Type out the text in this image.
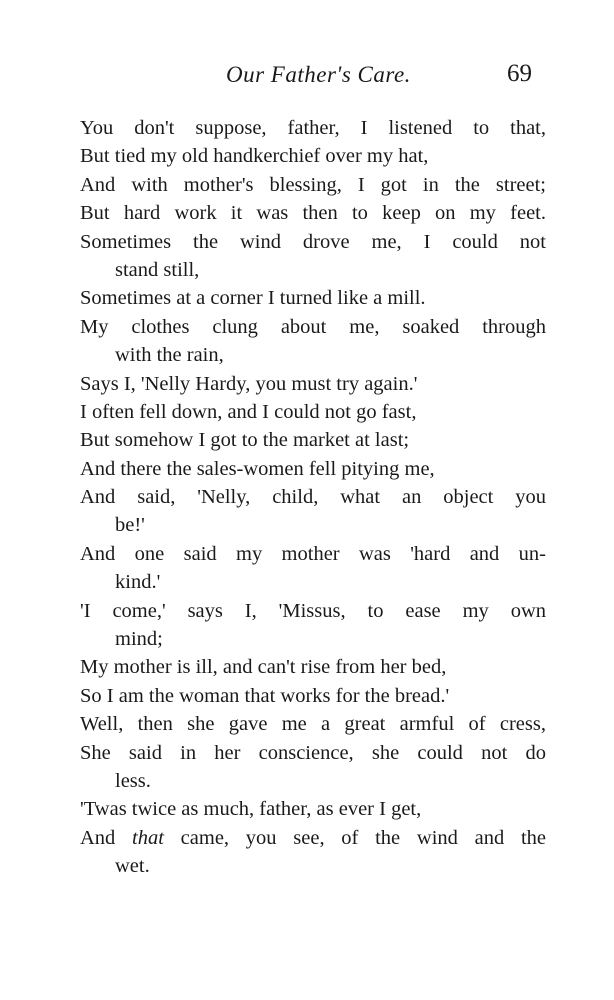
Our Father's Care.	69
You don't suppose, father, I listened to that,
But tied my old handkerchief over my hat,
And with mother's blessing, I got in the street;
But hard work it was then to keep on my feet.
Sometimes the wind drove me, I could not
stand still,
Sometimes at a corner I turned like a mill.
My clothes clung about me, soaked through
with the rain,
Says I, 'Nelly Hardy, you must try again.'
I often fell down, and I could not go fast,
But somehow I got to the market at last;
And there the sales-women fell pitying me,
And said, 'Nelly, child, what an object you
be!'
And one said my mother was 'hard and un-
kind.'
'I come,' says I, 'Missus, to ease my own
mind;
My mother is ill, and can't rise from her bed,
So I am the woman that works for the bread.'
Well, then she gave me a great armful of cress,
She said in her conscience, she could not do
less.
'Twas twice as much, father, as ever I get,
And that came, you see, of the wind and the
wet.
